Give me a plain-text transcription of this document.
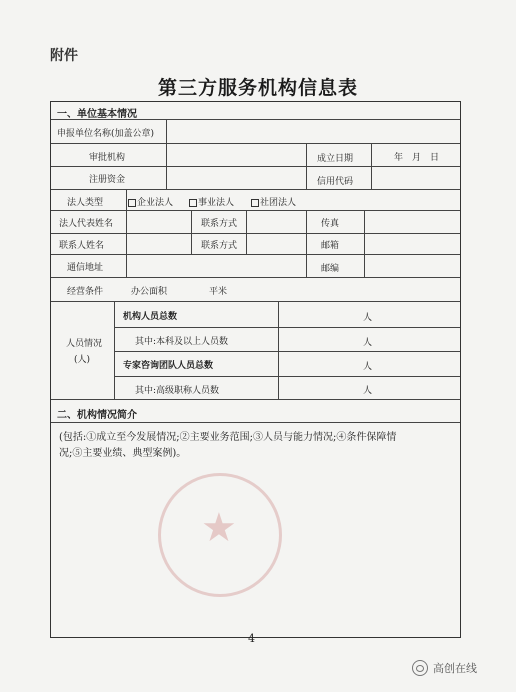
附件
第三方服务机构信息表
一、单位基本情况
申报单位名称(加盖公章)
审批机构	成立日期	年 月 日
注册资金	信用代码
法人类型	企业法人	事业法人	社团法人
法人代表姓名	联系方式	传真
联系人姓名	联系方式	邮箱
通信地址	邮编
经营条件	办公面积	平米
人员情况
(人)
机构人员总数	人
其中:本科及以上人员数	人
专家咨询团队人员总数	人
其中:高级职称人员数	人
二、机构情况简介
(包括:①成立至今发展情况;②主要业务范围;③人员与能力情况;④条件保障情
况;⑤主要业绩、典型案例)。
★
4
高创在线
